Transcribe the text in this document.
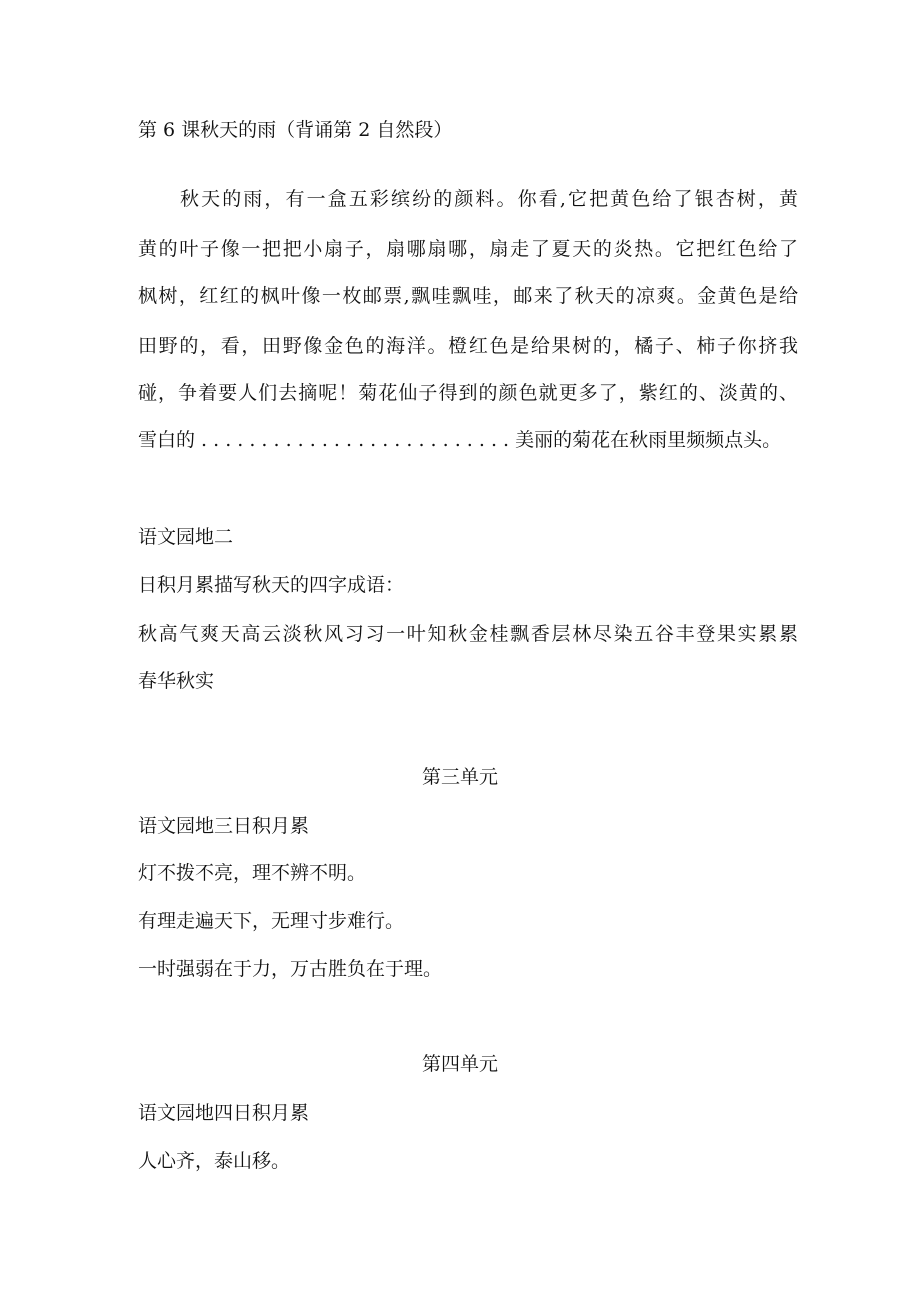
第 6 课秋天的雨（背诵第 2 自然段）
秋天的雨，有一盒五彩缤纷的颜料。你看,它把黄色给了银杏树，黄
黄的叶子像一把把小扇子，扇哪扇哪，扇走了夏天的炎热。它把红色给了
枫树，红红的枫叶像一枚邮票,飘哇飘哇，邮来了秋天的凉爽。金黄色是给
田野的，看，田野像金色的海洋。橙红色是给果树的，橘子、柿子你挤我
碰，争着要人们去摘呢！菊花仙子得到的颜色就更多了，紫红的、淡黄的、
雪白的 . . . . . . . . . . . . . . . . . . . . . . . . . . 美丽的菊花在秋雨里频频点头。
语文园地二
日积月累描写秋天的四字成语：
秋高气爽天高云淡秋风习习一叶知秋金桂飘香层林尽染五谷丰登果实累累
春华秋实
第三单元
语文园地三日积月累
灯不拨不亮，理不辨不明。
有理走遍天下，无理寸步难行。
一时强弱在于力，万古胜负在于理。
第四单元
语文园地四日积月累
人心齐，泰山移。
